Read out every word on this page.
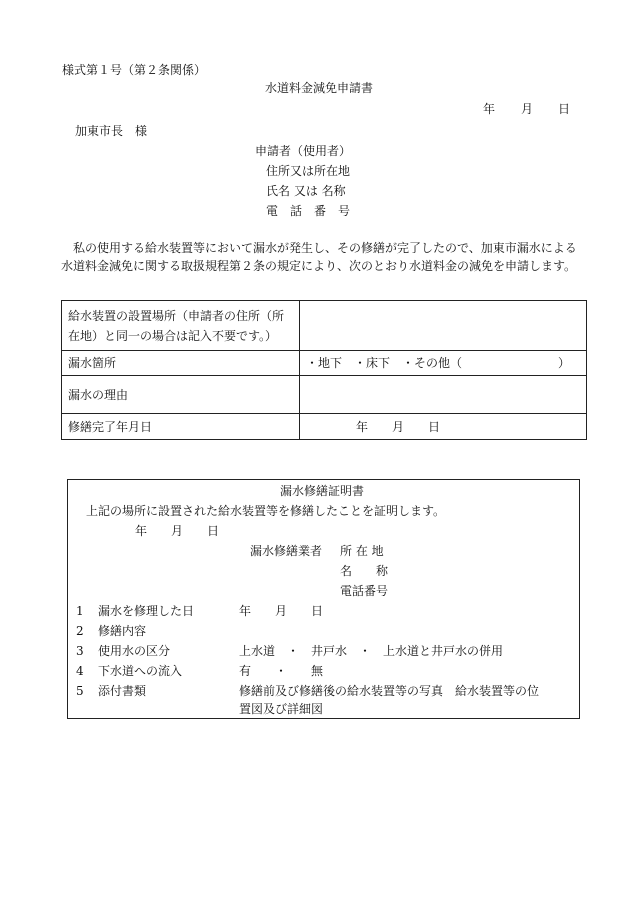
様式第１号（第２条関係）
水道料金減免申請書
年 月 日
加東市長　様
申請者（使用者）
住所又は所在地
氏名 又は 名称
電　話　番　号
私の使用する給水装置等において漏水が発生し、その修繕が完了したので、加東市漏水による水道料金減免に関する取扱規程第２条の規定により、次のとおり水道料金の減免を申請します。
給水装置の設置場所（申請者の住所（所在地）と同一の場合は記入不要です。）	
漏水箇所	・地下　・床下　・その他（　　　　　　　　）
漏水の理由	
修繕完了年月日	年　　月　　日
漏水修繕証明書
上記の場所に設置された給水装置等を修繕したことを証明します。
年　　月　　日
漏水修繕業者 所 在 地
名　　称
電話番号
1 漏水を修理した日	年　　月　　日
2 修繕内容
3 使用水の区分	上水道　・　井戸水　・　上水道と井戸水の併用
4 下水道への流入	有　　・　　無
5 添付書類	修繕前及び修繕後の給水装置等の写真　給水装置等の位
置図及び詳細図
